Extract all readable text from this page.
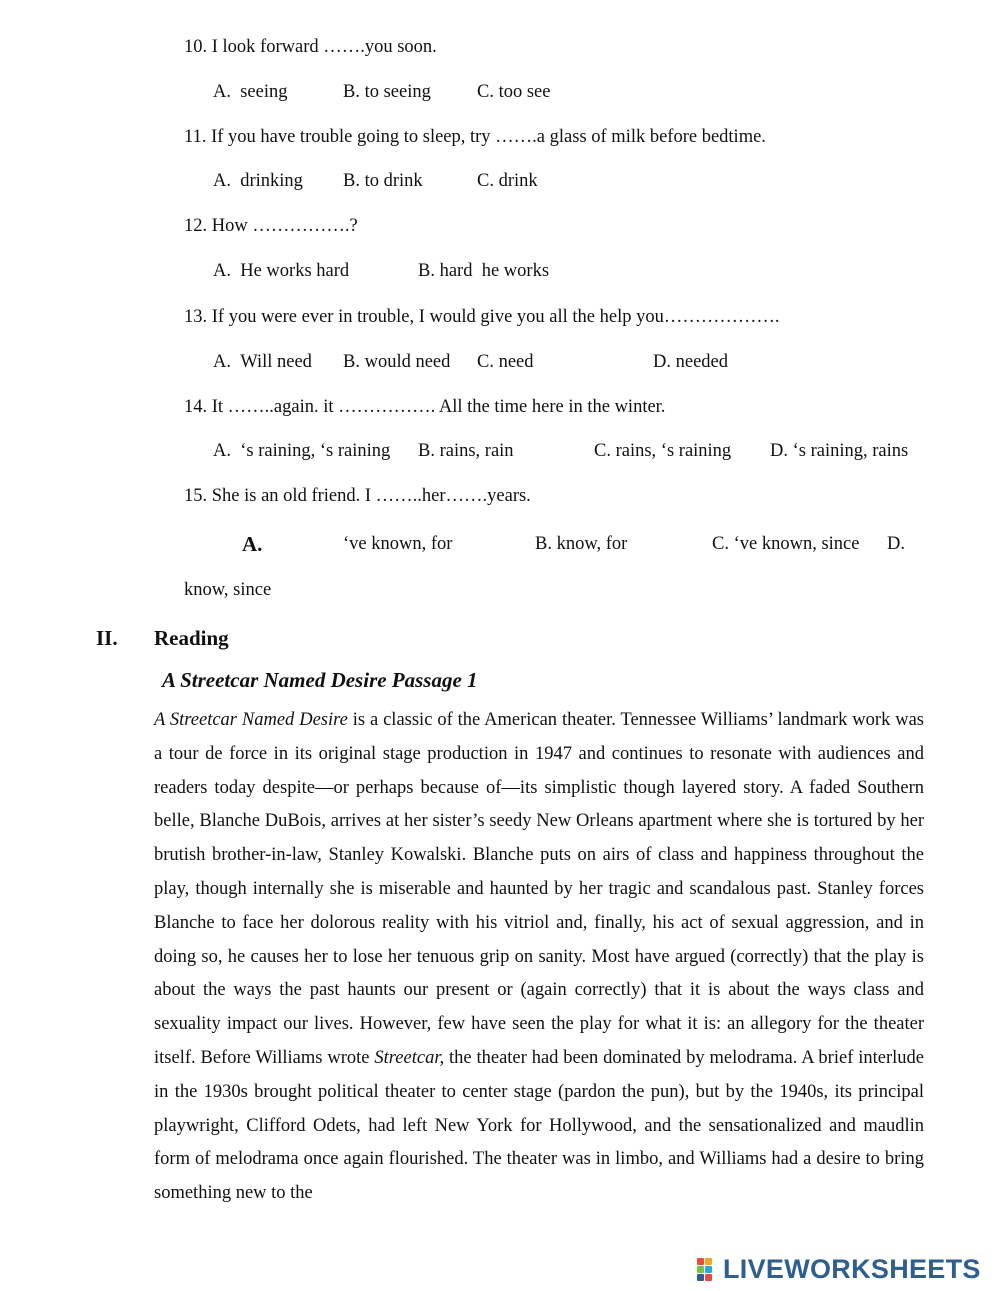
10. I look forward …….you soon.
A.  seeing	B. to seeing C. too see
11. If you have trouble going to sleep, try …….a glass of milk before bedtime.
A.  drinking B. to drink	C. drink
12. How …………….?
A.  He works hard	B. hard  he works
13. If you were ever in trouble, I would give you all the help you……………….
A.  Will need B. would need C. need	D. needed
14. It ……..again. it ……………. All the time here in the winter.
A.  ‘s raining, ‘s raining B. rains, rain	C. rains, ‘s raining D. ‘s raining, rains
15. She is an old friend. I ……..her…….years.
A.	‘ve known, for	B. know, for	C. ‘ve known, since D.
know, since
II. Reading
A Streetcar Named Desire Passage 1
A Streetcar Named Desire is a classic of the American theater. Tennessee Williams’ landmark work was a tour de force in its original stage production in 1947 and continues to resonate with audiences and readers today despite—or perhaps because of—its simplistic though layered story. A faded Southern belle, Blanche DuBois, arrives at her sister’s seedy New Orleans apartment where she is tortured by her brutish brother-in-law, Stanley Kowalski. Blanche puts on airs of class and happiness throughout the play, though internally she is miserable and haunted by her tragic and scandalous past. Stanley forces Blanche to face her dolorous reality with his vitriol and, finally, his act of sexual aggression, and in doing so, he causes her to lose her tenuous grip on sanity. Most have argued (correctly) that the play is about the ways the past haunts our present or (again correctly) that it is about the ways class and sexuality impact our lives. However, few have seen the play for what it is: an allegory for the theater itself. Before Williams wrote Streetcar, the theater had been dominated by melodrama. A brief interlude in the 1930s brought political theater to center stage (pardon the pun), but by the 1940s, its principal playwright, Clifford Odets, had left New York for Hollywood, and the sensationalized and maudlin form of melodrama once again flourished. The theater was in limbo, and Williams had a desire to bring something new to the
LIVEWORKSHEETS
